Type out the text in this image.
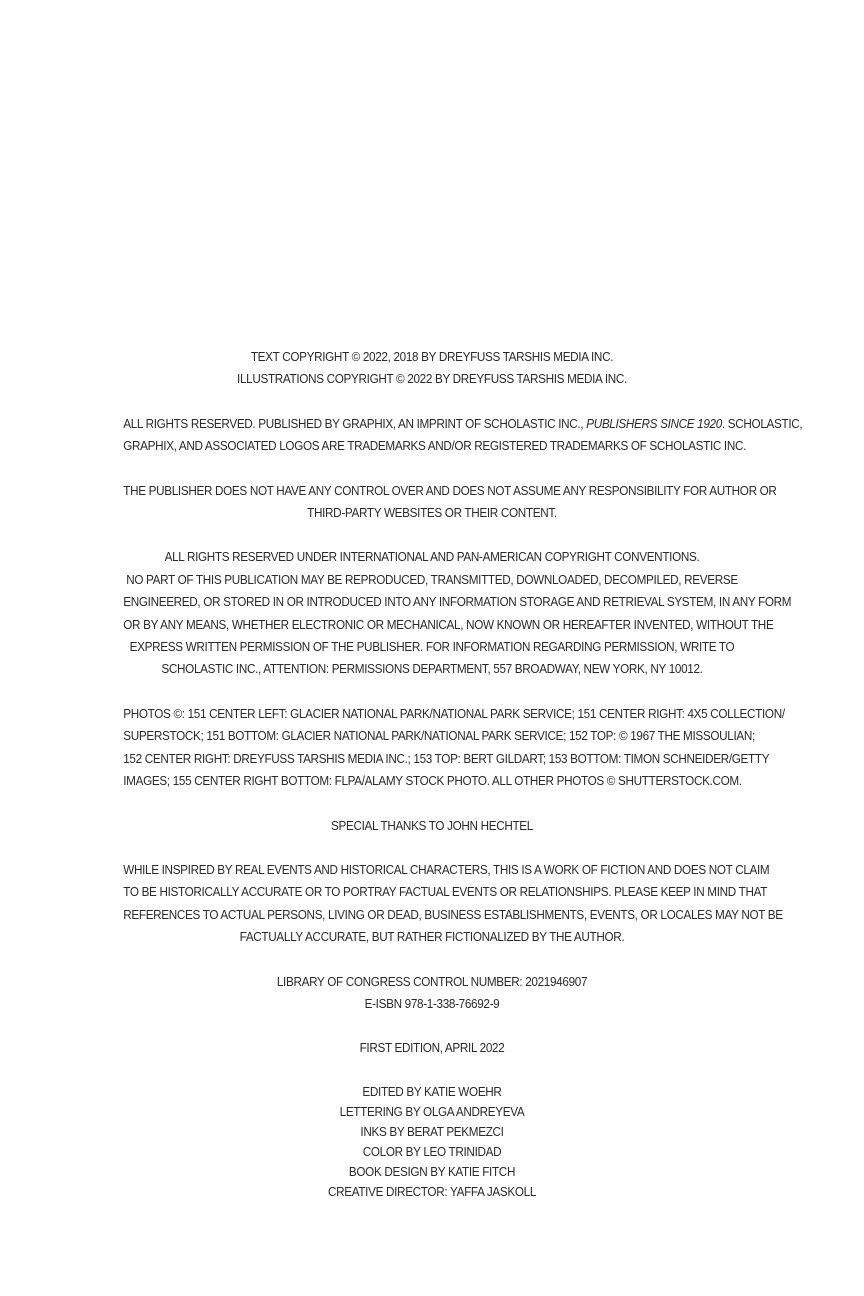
TEXT COPYRIGHT © 2022, 2018 BY DREYFUSS TARSHIS MEDIA INC.
ILLUSTRATIONS COPYRIGHT © 2022 BY DREYFUSS TARSHIS MEDIA INC.
ALL RIGHTS RESERVED. PUBLISHED BY GRAPHIX, AN IMPRINT OF SCHOLASTIC INC., PUBLISHERS SINCE 1920. SCHOLASTIC,
GRAPHIX, AND ASSOCIATED LOGOS ARE TRADEMARKS AND/OR REGISTERED TRADEMARKS OF SCHOLASTIC INC.
THE PUBLISHER DOES NOT HAVE ANY CONTROL OVER AND DOES NOT ASSUME ANY RESPONSIBILITY FOR AUTHOR OR
THIRD-PARTY WEBSITES OR THEIR CONTENT.
ALL RIGHTS RESERVED UNDER INTERNATIONAL AND PAN-AMERICAN COPYRIGHT CONVENTIONS.
NO PART OF THIS PUBLICATION MAY BE REPRODUCED, TRANSMITTED, DOWNLOADED, DECOMPILED, REVERSE
ENGINEERED, OR STORED IN OR INTRODUCED INTO ANY INFORMATION STORAGE AND RETRIEVAL SYSTEM, IN ANY FORM
OR BY ANY MEANS, WHETHER ELECTRONIC OR MECHANICAL, NOW KNOWN OR HEREAFTER INVENTED, WITHOUT THE
EXPRESS WRITTEN PERMISSION OF THE PUBLISHER. FOR INFORMATION REGARDING PERMISSION, WRITE TO
SCHOLASTIC INC., ATTENTION: PERMISSIONS DEPARTMENT, 557 BROADWAY, NEW YORK, NY 10012.
PHOTOS ©: 151 CENTER LEFT: GLACIER NATIONAL PARK/NATIONAL PARK SERVICE; 151 CENTER RIGHT: 4X5 COLLECTION/
SUPERSTOCK; 151 BOTTOM: GLACIER NATIONAL PARK/NATIONAL PARK SERVICE; 152 TOP: © 1967 THE MISSOULIAN;
152 CENTER RIGHT: DREYFUSS TARSHIS MEDIA INC.; 153 TOP: BERT GILDART; 153 BOTTOM: TIMON SCHNEIDER/GETTY
IMAGES; 155 CENTER RIGHT BOTTOM: FLPA/ALAMY STOCK PHOTO. ALL OTHER PHOTOS © SHUTTERSTOCK.COM.
SPECIAL THANKS TO JOHN HECHTEL
WHILE INSPIRED BY REAL EVENTS AND HISTORICAL CHARACTERS, THIS IS A WORK OF FICTION AND DOES NOT CLAIM
TO BE HISTORICALLY ACCURATE OR TO PORTRAY FACTUAL EVENTS OR RELATIONSHIPS. PLEASE KEEP IN MIND THAT
REFERENCES TO ACTUAL PERSONS, LIVING OR DEAD, BUSINESS ESTABLISHMENTS, EVENTS, OR LOCALES MAY NOT BE
FACTUALLY ACCURATE, BUT RATHER FICTIONALIZED BY THE AUTHOR.
LIBRARY OF CONGRESS CONTROL NUMBER: 2021946907
E-ISBN 978-1-338-76692-9
FIRST EDITION, APRIL 2022
EDITED BY KATIE WOEHR
LETTERING BY OLGA ANDREYEVA
INKS BY BERAT PEKMEZCI
COLOR BY LEO TRINIDAD
BOOK DESIGN BY KATIE FITCH
CREATIVE DIRECTOR: YAFFA JASKOLL
